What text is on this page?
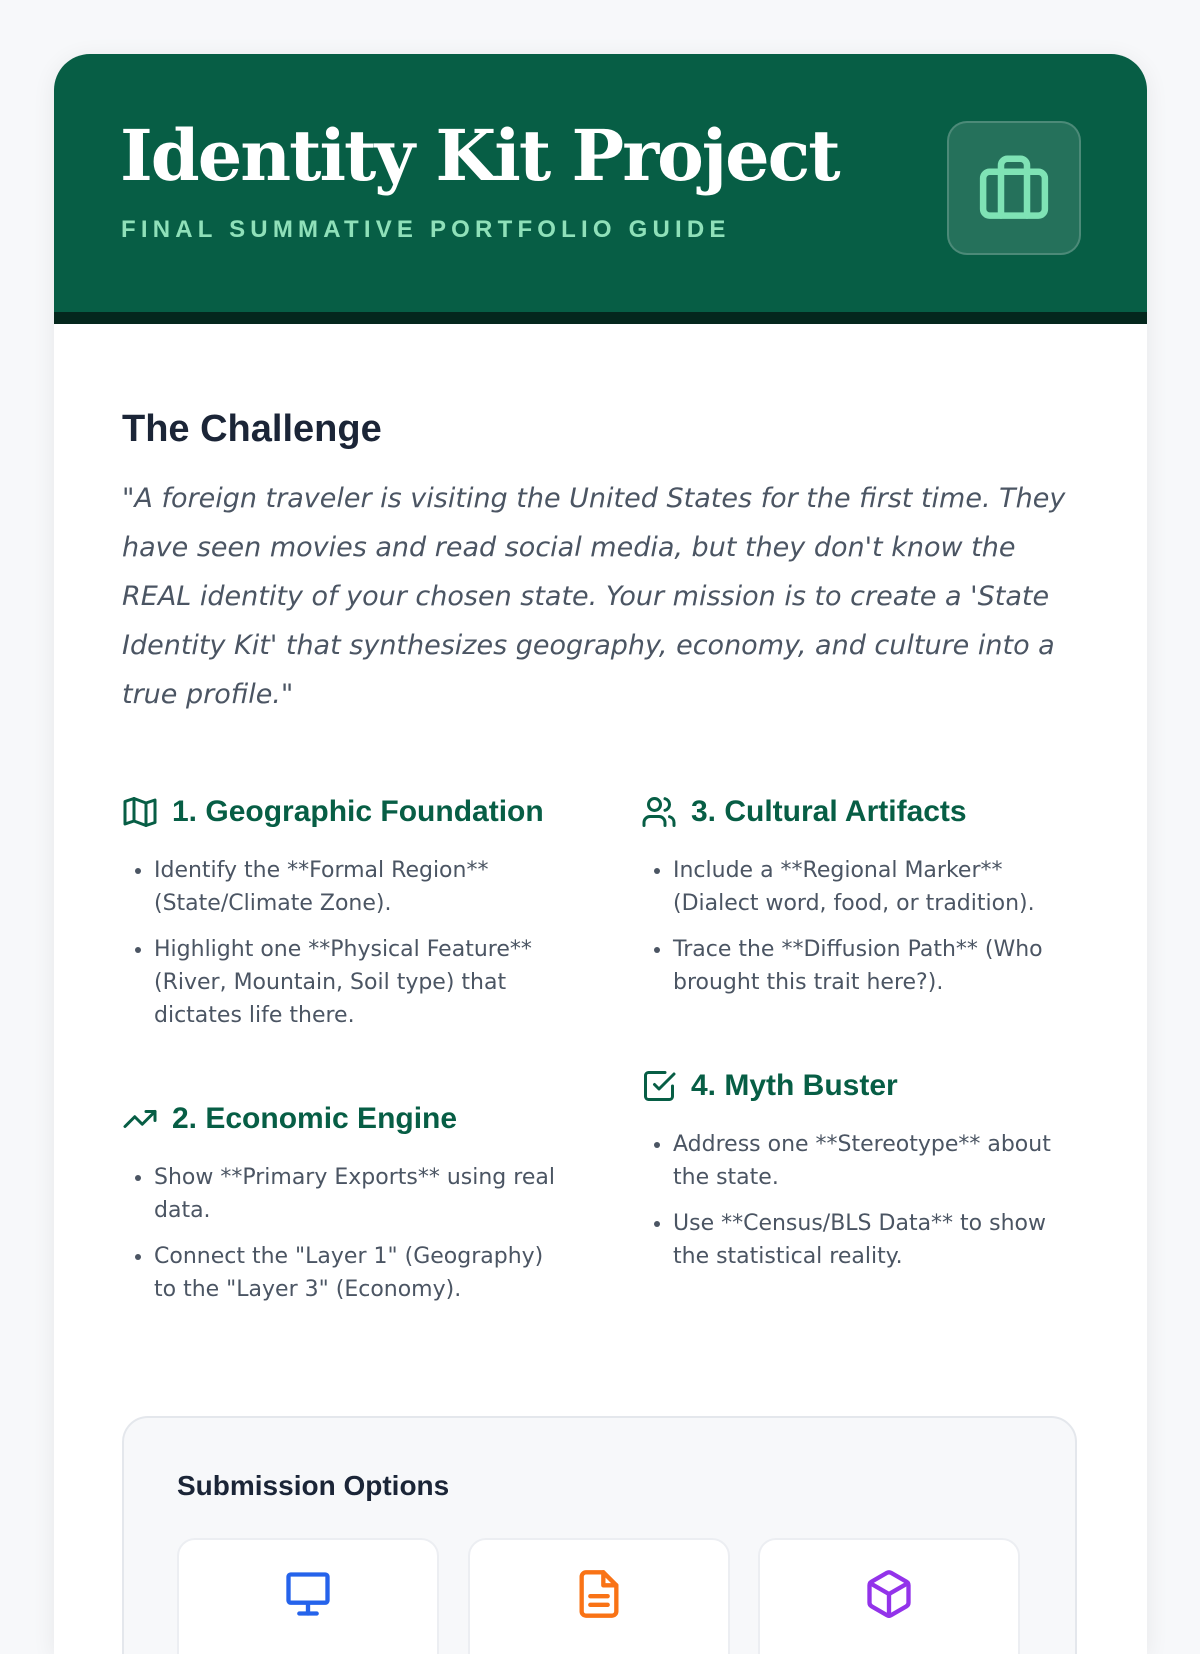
Identity Kit Project
FINAL SUMMATIVE PORTFOLIO GUIDE
The Challenge

"A foreign traveler is visiting the United States for the first time. They have seen movies and read social media, but they don't know the REAL identity of your chosen state. Your mission is to create a 'State Identity Kit' that synthesizes geography, economy, and culture into a true profile."

1. Geographic Foundation
• Identify the **Formal Region** (State/Climate Zone).
• Highlight one **Physical Feature** (River, Mountain, Soil type) that dictates life there.
2. Economic Engine
• Show **Primary Exports** using real data.
• Connect the "Layer 1" (Geography) to the "Layer 3" (Economy).
3. Cultural Artifacts
• Include a **Regional Marker** (Dialect word, food, or tradition).
• Trace the **Diffusion Path** (Who brought this trait here?).
4. Myth Buster
• Address one **Stereotype** about the state.
• Use **Census/BLS Data** to show the statistical reality.
Submission Options
